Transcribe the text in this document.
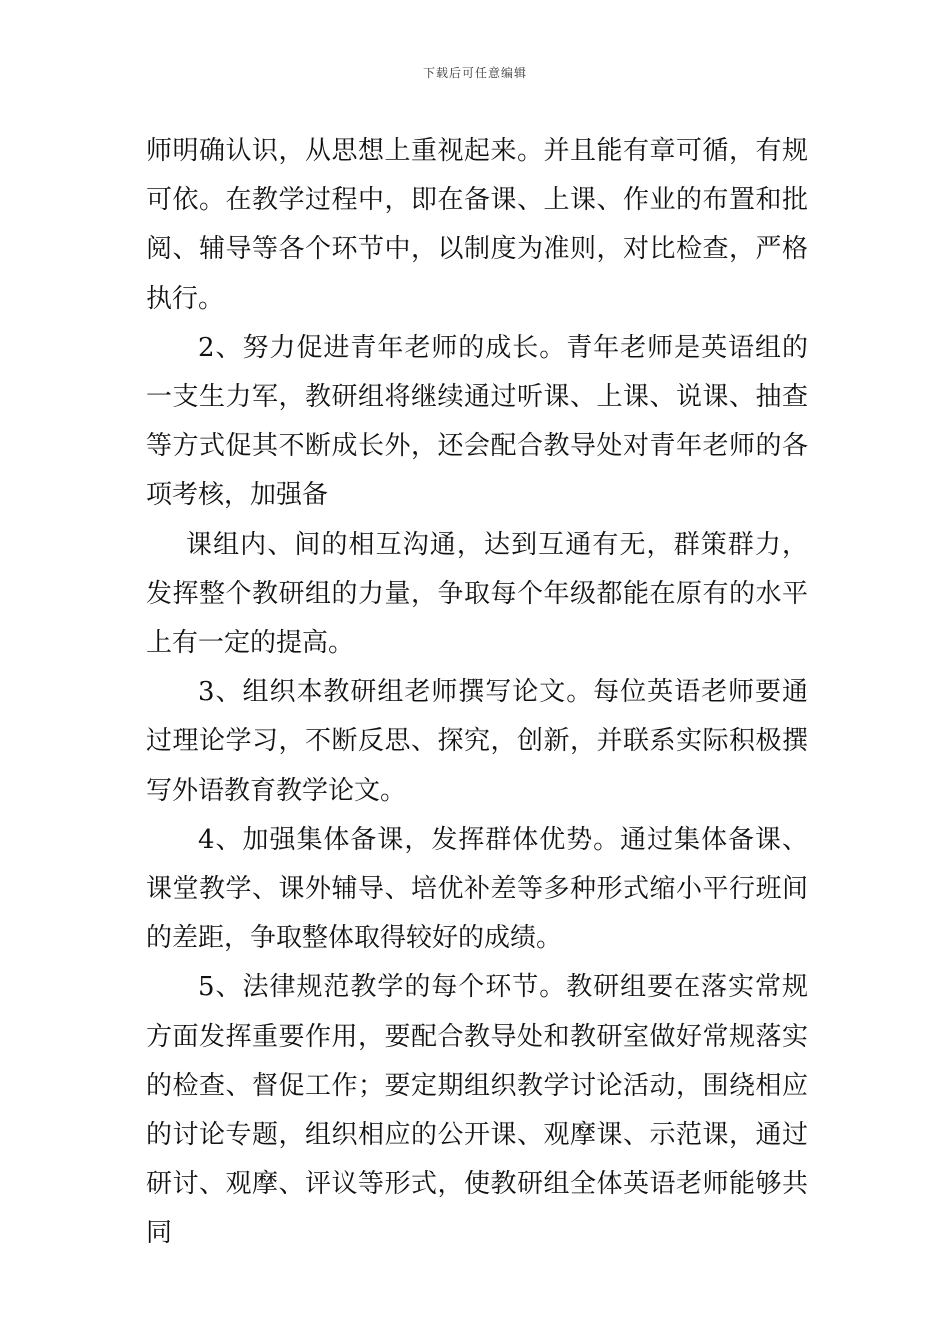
下载后可任意编辑

师明确认识，从思想上重视起来。并且能有章可循，有规可依。在教学过程中，即在备课、上课、作业的布置和批阅、辅导等各个环节中，以制度为准则，对比检查，严格执行。

2、努力促进青年老师的成长。青年老师是英语组的一支生力军，教研组将继续通过听课、上课、说课、抽查等方式促其不断成长外，还会配合教导处对青年老师的各项考核，加强备

课组内、间的相互沟通，达到互通有无，群策群力，发挥整个教研组的力量，争取每个年级都能在原有的水平上有一定的提高。

3、组织本教研组老师撰写论文。每位英语老师要通过理论学习，不断反思、探究，创新，并联系实际积极撰写外语教育教学论文。

4、加强集体备课，发挥群体优势。通过集体备课、课堂教学、课外辅导、培优补差等多种形式缩小平行班间的差距，争取整体取得较好的成绩。

5、法律规范教学的每个环节。教研组要在落实常规方面发挥重要作用，要配合教导处和教研室做好常规落实的检查、督促工作；要定期组织教学讨论活动，围绕相应的讨论专题，组织相应的公开课、观摩课、示范课，通过研讨、观摩、评议等形式，使教研组全体英语老师能够共同
